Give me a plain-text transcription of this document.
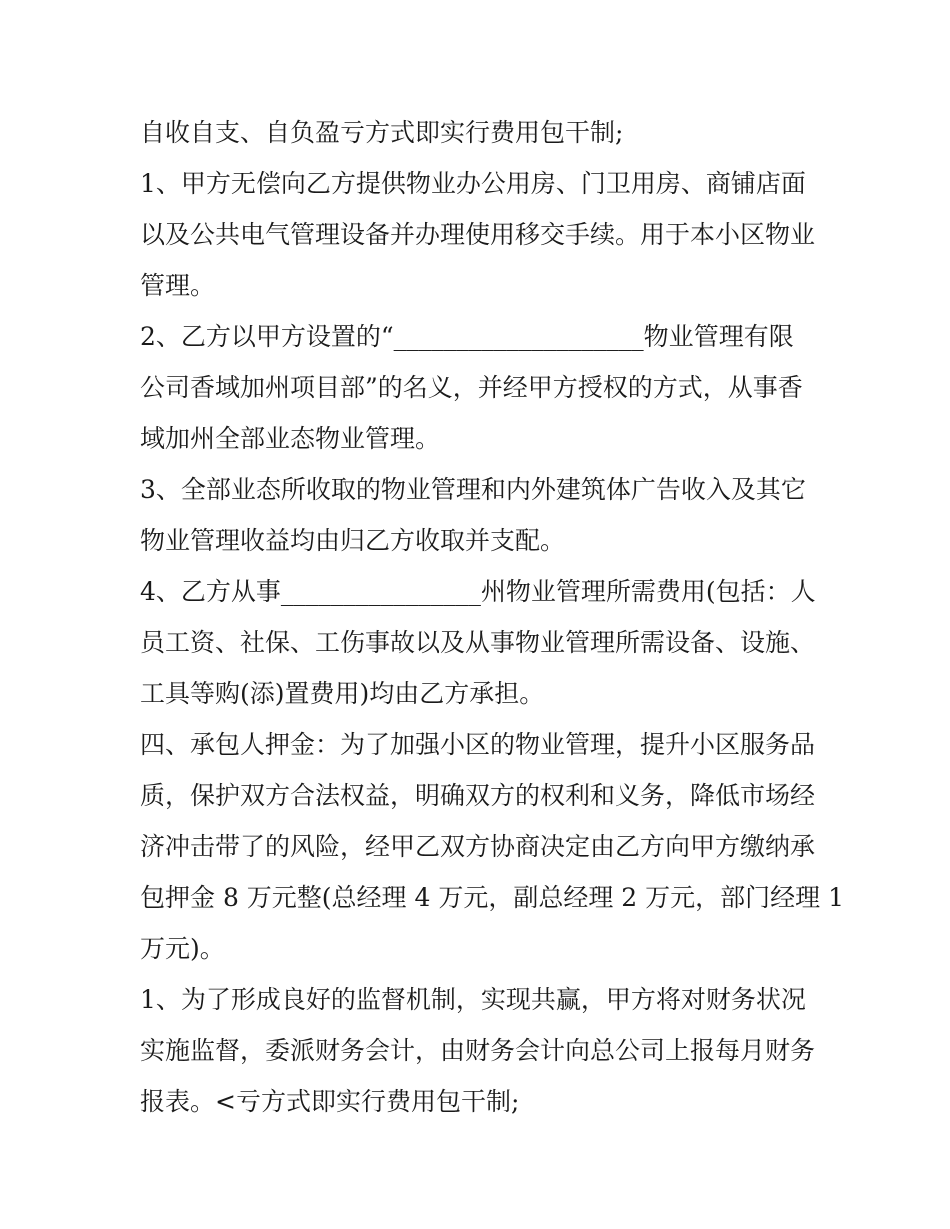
自收自支、自负盈亏方式即实行费用包干制;
1、甲方无偿向乙方提供物业办公用房、门卫用房、商铺店面
以及公共电气管理设备并办理使用移交手续。用于本小区物业
管理。
2、乙方以甲方设置的“____________________物业管理有限
公司香域加州项目部”的名义，并经甲方授权的方式，从事香
域加州全部业态物业管理。
3、全部业态所收取的物业管理和内外建筑体广告收入及其它
物业管理收益均由归乙方收取并支配。
4、乙方从事________________州物业管理所需费用(包括：人
员工资、社保、工伤事故以及从事物业管理所需设备、设施、
工具等购(添)置费用)均由乙方承担。
四、承包人押金：为了加强小区的物业管理，提升小区服务品
质，保护双方合法权益，明确双方的权利和义务，降低市场经
济冲击带了的风险，经甲乙双方协商决定由乙方向甲方缴纳承
包押金 8 万元整(总经理 4 万元，副总经理 2 万元，部门经理 1
万元)。
1、为了形成良好的监督机制，实现共赢，甲方将对财务状况
实施监督，委派财务会计，由财务会计向总公司上报每月财务
报表。<亏方式即实行费用包干制;
